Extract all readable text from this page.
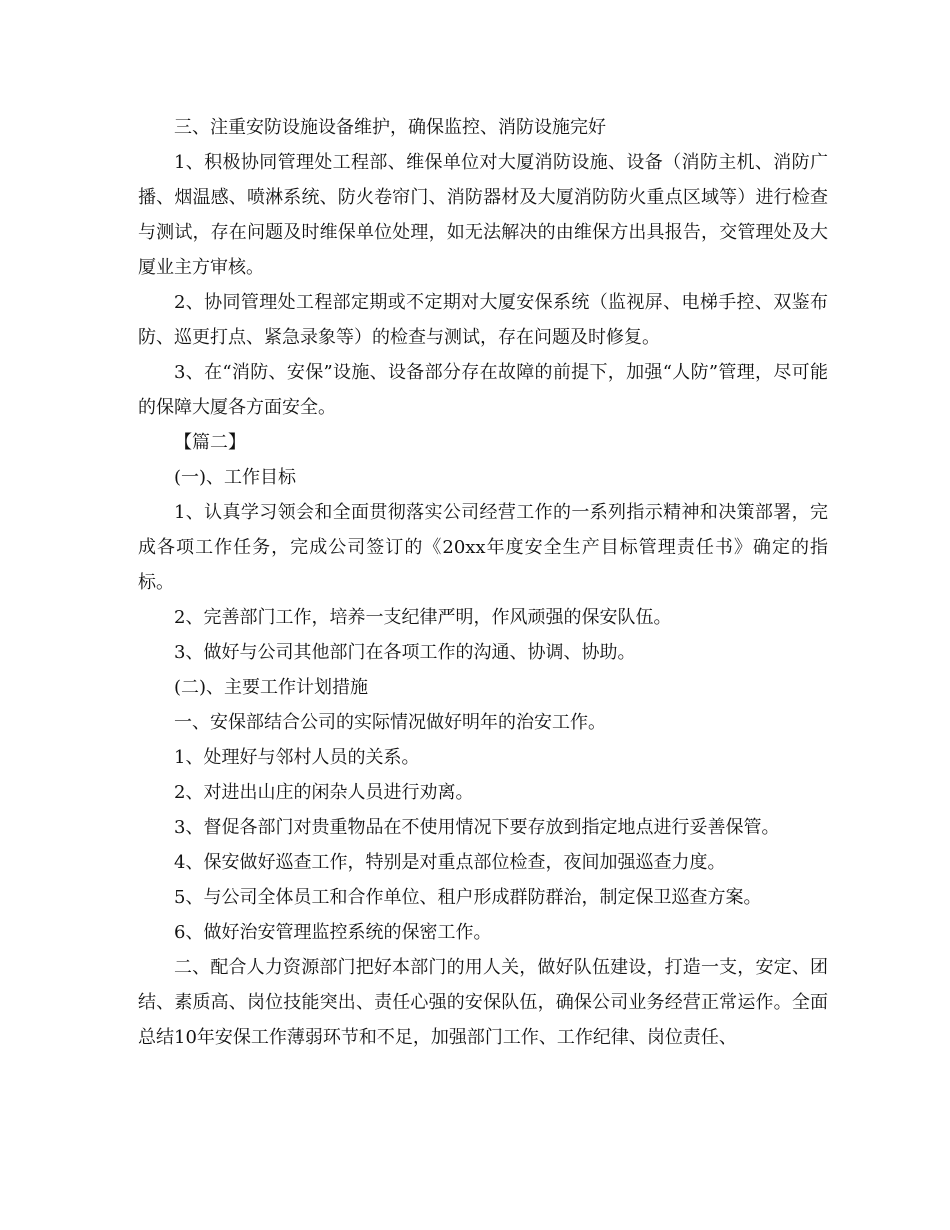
三、注重安防设施设备维护，确保监控、消防设施完好

1、积极协同管理处工程部、维保单位对大厦消防设施、设备（消防主机、消防广播、烟温感、喷淋系统、防火卷帘门、消防器材及大厦消防防火重点区域等）进行检查与测试，存在问题及时维保单位处理，如无法解决的由维保方出具报告，交管理处及大厦业主方审核。

2、协同管理处工程部定期或不定期对大厦安保系统（监视屏、电梯手控、双鉴布防、巡更打点、紧急录象等）的检查与测试，存在问题及时修复。

3、在“消防、安保”设施、设备部分存在故障的前提下，加强“人防”管理，尽可能的保障大厦各方面安全。

【篇二】

(一)、工作目标

1、认真学习领会和全面贯彻落实公司经营工作的一系列指示精神和决策部署，完成各项工作任务，完成公司签订的《20xx年度安全生产目标管理责任书》确定的指标。

2、完善部门工作，培养一支纪律严明，作风顽强的保安队伍。

3、做好与公司其他部门在各项工作的沟通、协调、协助。

(二)、主要工作计划措施

一、安保部结合公司的实际情况做好明年的治安工作。

1、处理好与邻村人员的关系。

2、对进出山庄的闲杂人员进行劝离。

3、督促各部门对贵重物品在不使用情况下要存放到指定地点进行妥善保管。

4、保安做好巡查工作，特别是对重点部位检查，夜间加强巡查力度。

5、与公司全体员工和合作单位、租户形成群防群治，制定保卫巡查方案。

6、做好治安管理监控系统的保密工作。

二、配合人力资源部门把好本部门的用人关，做好队伍建设，打造一支，安定、团结、素质高、岗位技能突出、责任心强的安保队伍，确保公司业务经营正常运作。全面总结10年安保工作薄弱环节和不足，加强部门工作、工作纪律、岗位责任、
